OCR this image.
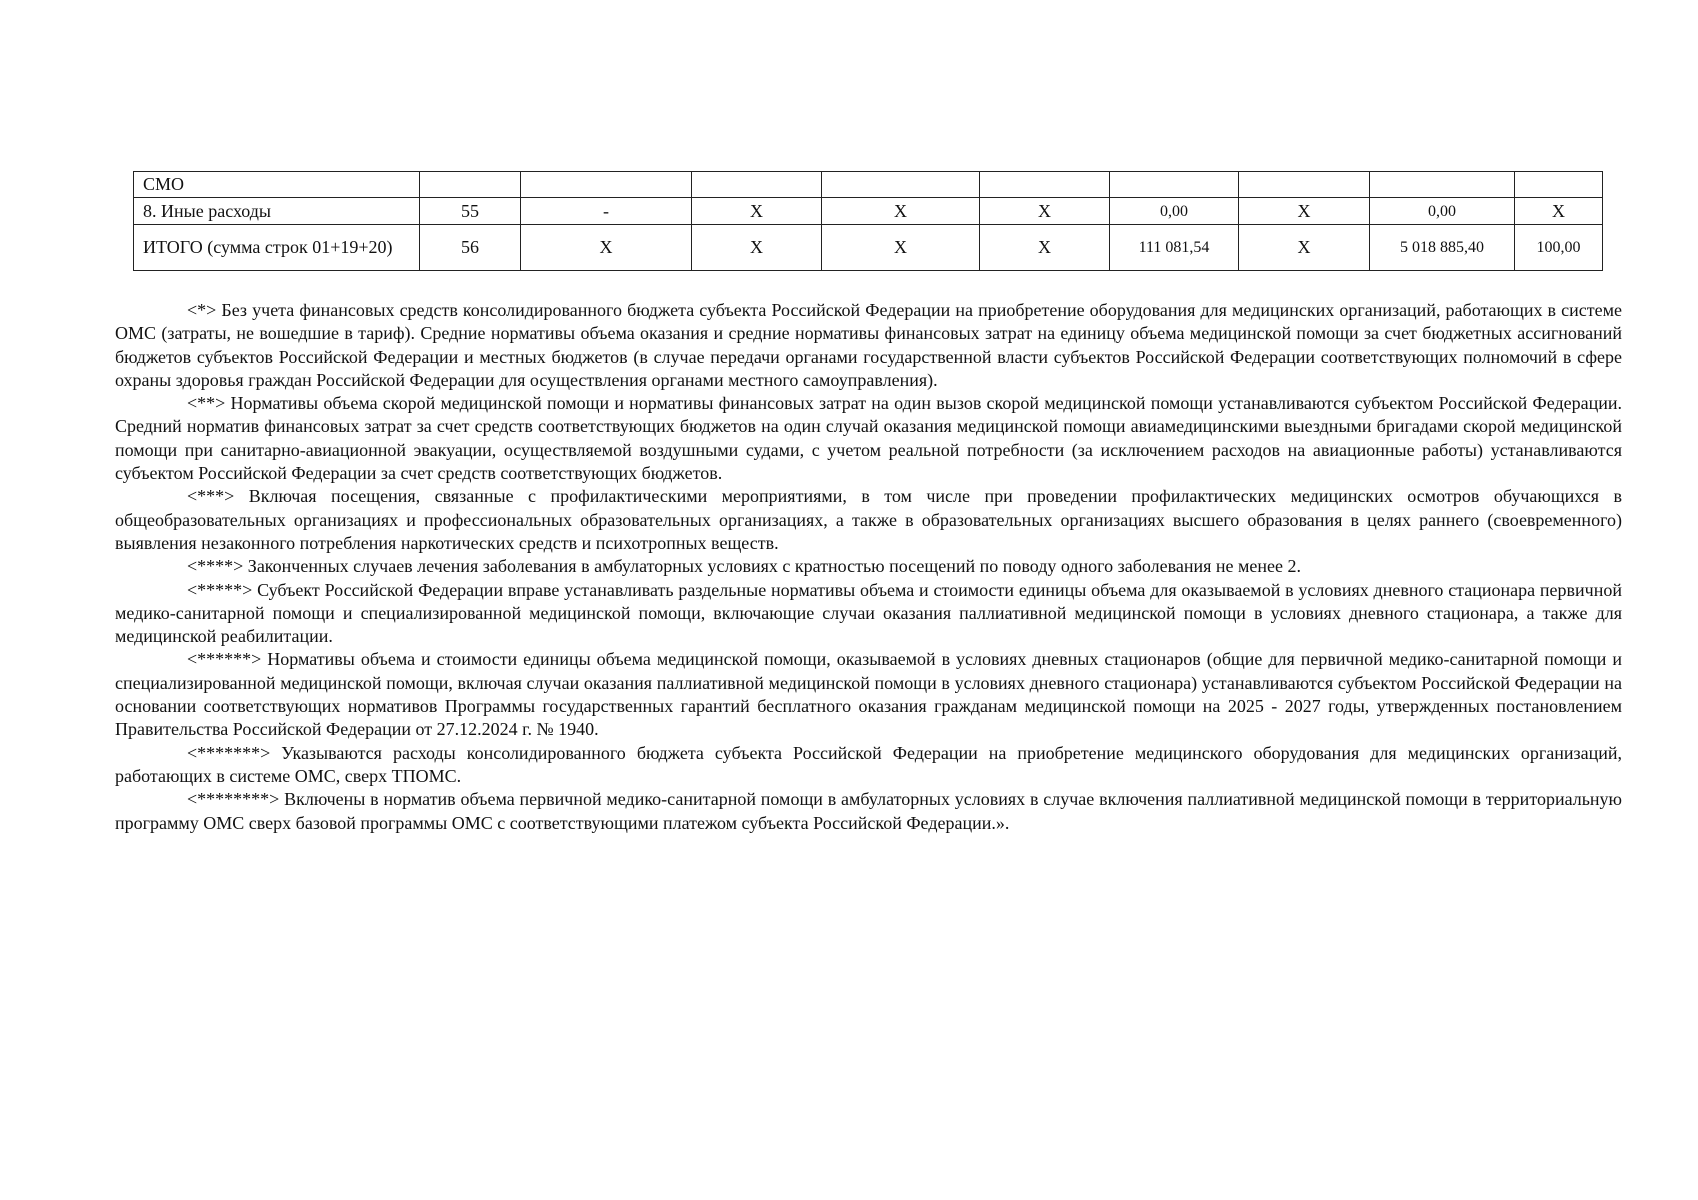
СМО									
8. Иные расходы	55	-	X	X	X	0,00	X	0,00	X
ИТОГО (сумма строк 01+19+20)	56	X	X	X	X	111 081,54	X	5 018 885,40	100,00

<*> Без учета финансовых средств консолидированного бюджета субъекта Российской Федерации на приобретение оборудования для медицинских организаций, работающих в системе ОМС (затраты, не вошедшие в тариф). Средние нормативы объема оказания и средние нормативы финансовых затрат на единицу объема медицинской помощи за счет бюджетных ассигнований бюджетов субъектов Российской Федерации и местных бюджетов (в случае передачи органами государственной власти субъектов Российской Федерации соответствующих полномочий в сфере охраны здоровья граждан Российской Федерации для осуществления органами местного самоуправления).

<**> Нормативы объема скорой медицинской помощи и нормативы финансовых затрат на один вызов скорой медицинской помощи устанавливаются субъектом Российской Федерации. Средний норматив финансовых затрат за счет средств соответствующих бюджетов на один случай оказания медицинской помощи авиамедицинскими выездными бригадами скорой медицинской помощи при санитарно-авиационной эвакуации, осуществляемой воздушными судами, с учетом реальной потребности (за исключением расходов на авиационные работы) устанавливаются субъектом Российской Федерации за счет средств соответствующих бюджетов.

<***> Включая посещения, связанные с профилактическими мероприятиями, в том числе при проведении профилактических медицинских осмотров обучающихся в общеобразовательных организациях и профессиональных образовательных организациях, а также в образовательных организациях высшего образования в целях раннего (своевременного) выявления незаконного потребления наркотических средств и психотропных веществ.

<****> Законченных случаев лечения заболевания в амбулаторных условиях с кратностью посещений по поводу одного заболевания не менее 2.

<*****> Субъект Российской Федерации вправе устанавливать раздельные нормативы объема и стоимости единицы объема для оказываемой в условиях дневного стационара первичной медико-санитарной помощи и специализированной медицинской помощи, включающие случаи оказания паллиативной медицинской помощи в условиях дневного стационара, а также для медицинской реабилитации.

<******> Нормативы объема и стоимости единицы объема медицинской помощи, оказываемой в условиях дневных стационаров (общие для первичной медико-санитарной помощи и специализированной медицинской помощи, включая случаи оказания паллиативной медицинской помощи в условиях дневного стационара) устанавливаются субъектом Российской Федерации на основании соответствующих нормативов Программы государственных гарантий бесплатного оказания гражданам медицинской помощи на 2025 - 2027 годы, утвержденных постановлением Правительства Российской Федерации от 27.12.2024 г. № 1940.

<*******> Указываются расходы консолидированного бюджета субъекта Российской Федерации на приобретение медицинского оборудования для медицинских организаций, работающих в системе ОМС, сверх ТПОМС.

<********> Включены в норматив объема первичной медико-санитарной помощи в амбулаторных условиях в случае включения паллиативной медицинской помощи в территориальную программу ОМС сверх базовой программы ОМС с соответствующими платежом субъекта Российской Федерации.».
